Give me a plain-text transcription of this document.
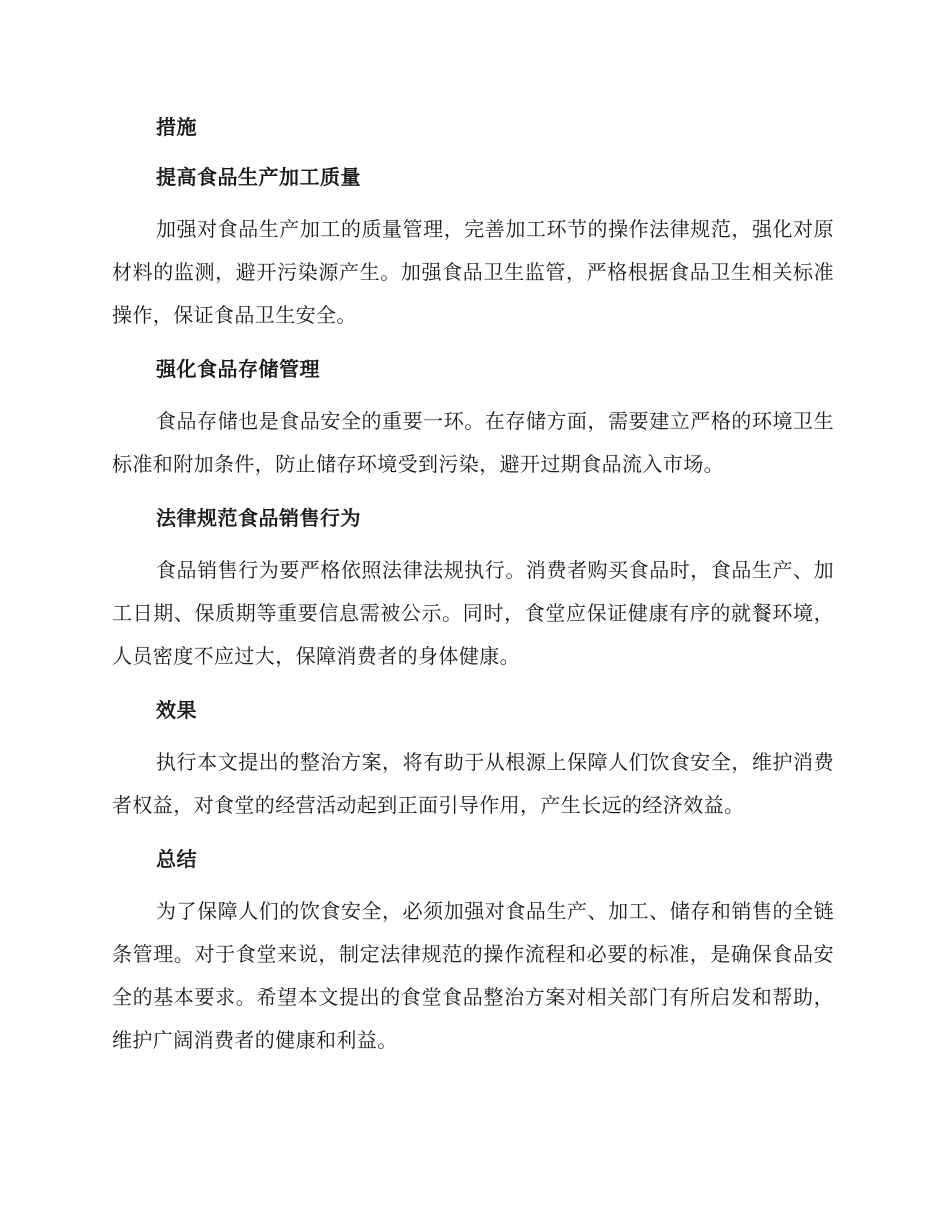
措施
提高食品生产加工质量

加强对食品生产加工的质量管理，完善加工环节的操作法律规范，强化对原材料的监测，避开污染源产生。加强食品卫生监管，严格根据食品卫生相关标准操作，保证食品卫生安全。

强化食品存储管理

食品存储也是食品安全的重要一环。在存储方面，需要建立严格的环境卫生标准和附加条件，防止储存环境受到污染，避开过期食品流入市场。

法律规范食品销售行为

食品销售行为要严格依照法律法规执行。消费者购买食品时，食品生产、加工日期、保质期等重要信息需被公示。同时，食堂应保证健康有序的就餐环境，人员密度不应过大，保障消费者的身体健康。

效果

执行本文提出的整治方案，将有助于从根源上保障人们饮食安全，维护消费者权益，对食堂的经营活动起到正面引导作用，产生长远的经济效益。

总结

为了保障人们的饮食安全，必须加强对食品生产、加工、储存和销售的全链条管理。对于食堂来说，制定法律规范的操作流程和必要的标准，是确保食品安全的基本要求。希望本文提出的食堂食品整治方案对相关部门有所启发和帮助，维护广阔消费者的健康和利益。
